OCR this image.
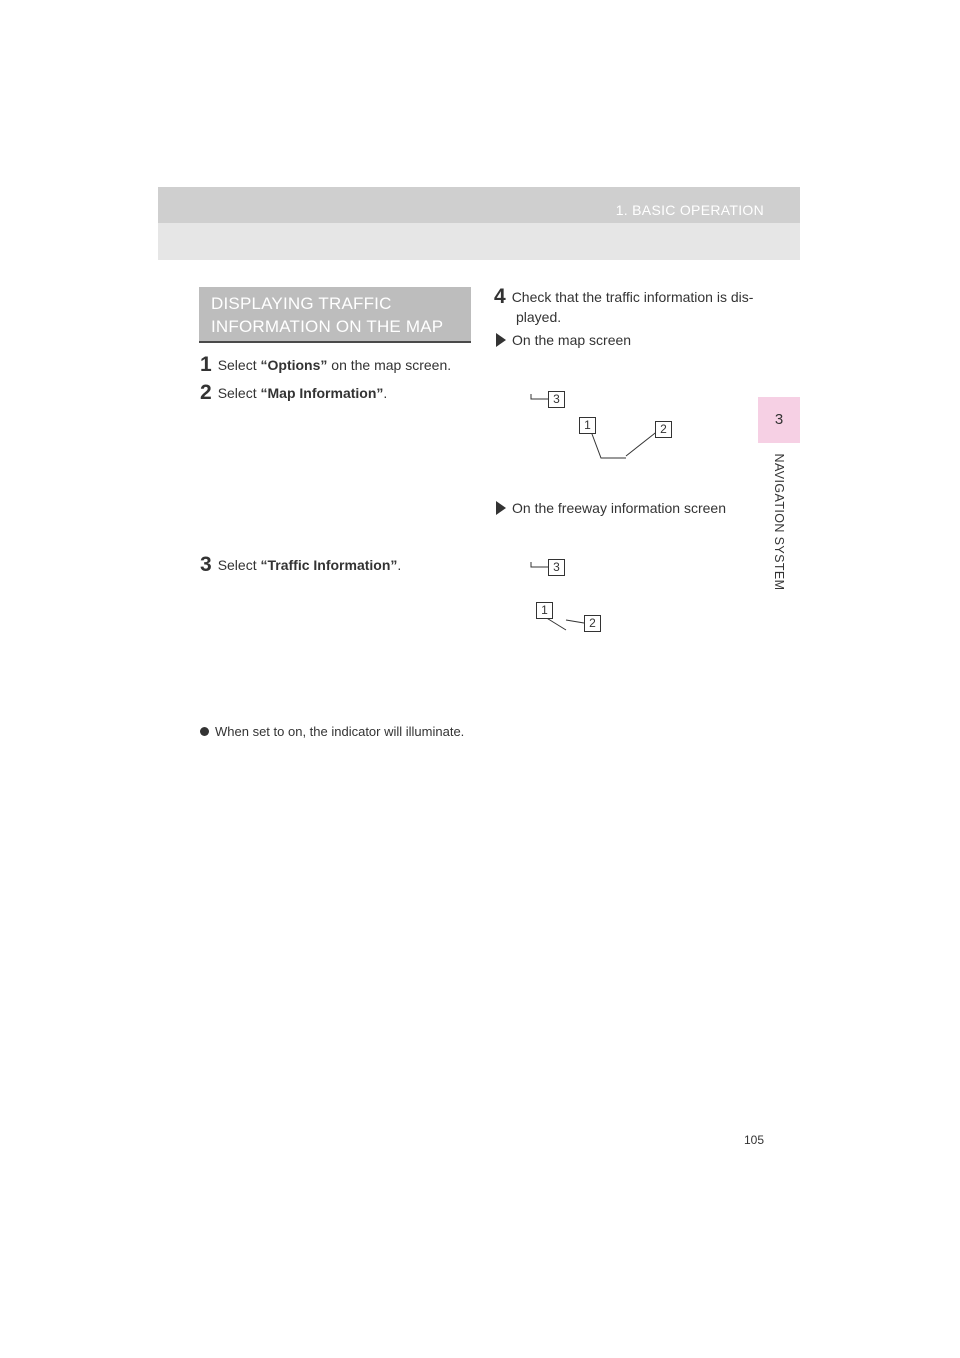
1. BASIC OPERATION
3
NAVIGATION SYSTEM
DISPLAYING TRAFFIC
INFORMATION ON THE MAP
1 Select “Options” on the map screen.
2 Select “Map Information”.
3 Select “Traffic Information”.
When set to on, the indicator will illuminate.
4 Check that the traffic information is dis-
played.
On the map screen
On the freeway information screen
3
1	2
3
1
2
105
